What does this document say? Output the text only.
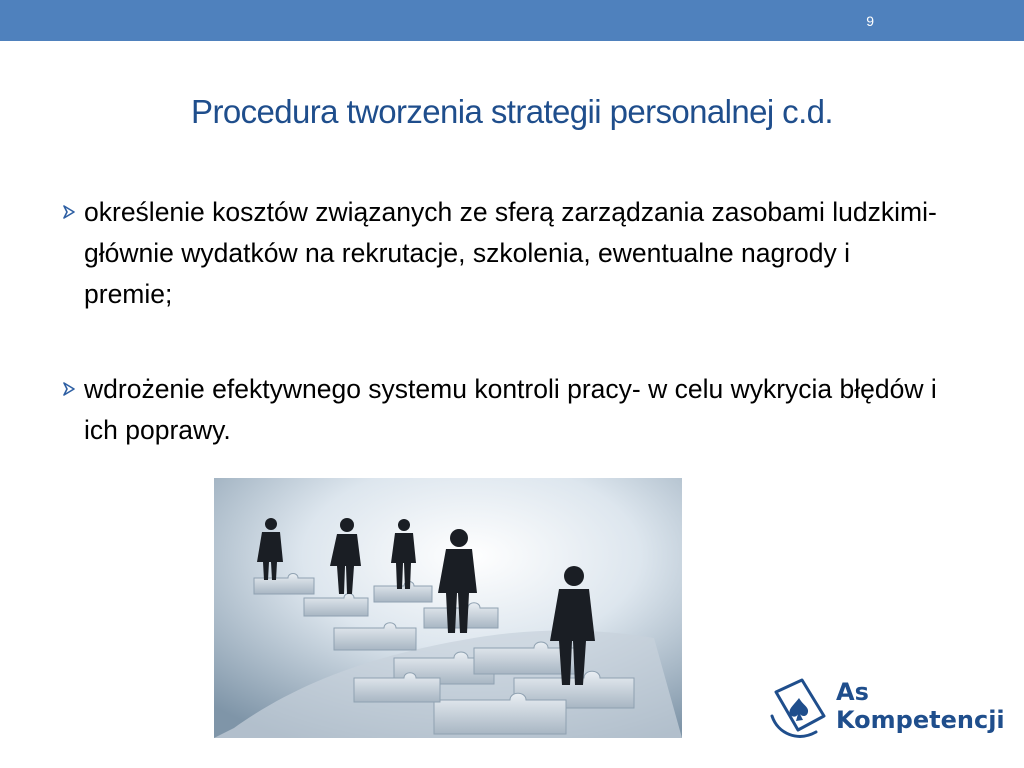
9
Procedura tworzenia strategii personalnej c.d.
określenie kosztów związanych ze sferą zarządzania zasobami ludzkimi- głównie wydatków na rekrutacje, szkolenia, ewentualne nagrody i premie;
wdrożenie efektywnego systemu kontroli pracy- w celu wykrycia błędów i ich poprawy.
As
Kompetencji
